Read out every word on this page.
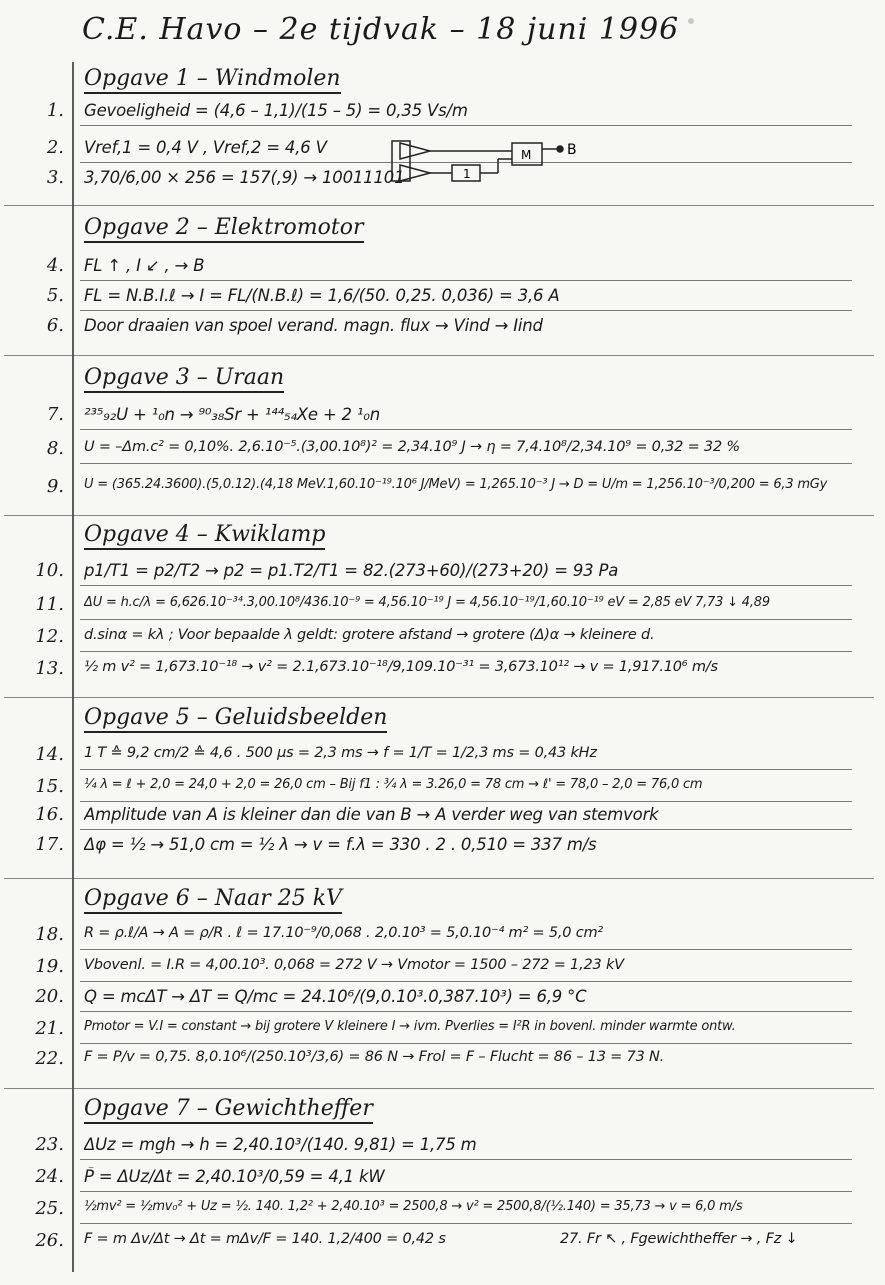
C.E. Havo – 2e tijdvak – 18 juni 1996
Opgave 1 – Windmolen
1. Gevoeligheid = (4,6 – 1,1)/(15 – 5) = 0,35 Vs/m
2. Vref,1 = 0,4 V , Vref,2 = 4,6 V
3. 3,70/6,00 × 256 = 157(,9) → 10011101	1
M	B
Opgave 2 – Elektromotor
4. FL ↑ , I ↙ , → B
5. FL = N.B.I.ℓ → I = FL/(N.B.ℓ) = 1,6/(50. 0,25. 0,036) = 3,6 A
6. Door draaien van spoel verand. magn. flux → Vind → Iind
Opgave 3 – Uraan
7. ²³⁵₉₂U + ¹₀n → ⁹⁰₃₈Sr + ¹⁴⁴₅₄Xe + 2 ¹₀n
8. U = –Δm.c² = 0,10%. 2,6.10⁻⁵.(3,00.10⁸)² = 2,34.10⁹ J → η = 7,4.10⁸/2,34.10⁹ = 0,32 = 32 %
9. U = (365.24.3600).(5,0.12).(4,18 MeV.1,60.10⁻¹⁹.10⁶ J/MeV) = 1,265.10⁻³ J → D = U/m = 1,256.10⁻³/0,200 = 6,3 mGy
Opgave 4 – Kwiklamp
10. p1/T1 = p2/T2 → p2 = p1.T2/T1 = 82.(273+60)/(273+20) = 93 Pa
11. ΔU = h.c/λ = 6,626.10⁻³⁴.3,00.10⁸/436.10⁻⁹ = 4,56.10⁻¹⁹ J = 4,56.10⁻¹⁹/1,60.10⁻¹⁹ eV = 2,85 eV 7,73 ↓ 4,89
12. d.sinα = kλ ; Voor bepaalde λ geldt: grotere afstand → grotere (Δ)α → kleinere d.
13. ½ m v² = 1,673.10⁻¹⁸ → v² = 2.1,673.10⁻¹⁸/9,109.10⁻³¹ = 3,673.10¹² → v = 1,917.10⁶ m/s
Opgave 5 – Geluidsbeelden
14. 1 T ≙ 9,2 cm/2 ≙ 4,6 . 500 μs = 2,3 ms → f = 1/T = 1/2,3 ms = 0,43 kHz
15. ¼ λ = ℓ + 2,0 = 24,0 + 2,0 = 26,0 cm – Bij f1 : ¾ λ = 3.26,0 = 78 cm → ℓ' = 78,0 – 2,0 = 76,0 cm
16. Amplitude van A is kleiner dan die van B → A verder weg van stemvork
17. Δφ = ½ → 51,0 cm = ½ λ → v = f.λ = 330 . 2 . 0,510 = 337 m/s
Opgave 6 – Naar 25 kV
18. R = ρ.ℓ/A → A = ρ/R . ℓ = 17.10⁻⁹/0,068 . 2,0.10³ = 5,0.10⁻⁴ m² = 5,0 cm²
19. Vbovenl. = I.R = 4,00.10³. 0,068 = 272 V → Vmotor = 1500 – 272 = 1,23 kV
20. Q = mcΔT → ΔT = Q/mc = 24.10⁶/(9,0.10³.0,387.10³) = 6,9 °C
21. Pmotor = V.I = constant → bij grotere V kleinere I → ivm. Pverlies = I²R in bovenl. minder warmte ontw.
22. F = P/v = 0,75. 8,0.10⁶/(250.10³/3,6) = 86 N → Frol = F – Flucht = 86 – 13 = 73 N.
Opgave 7 – Gewichtheffer
23. ΔUz = mgh → h = 2,40.10³/(140. 9,81) = 1,75 m
24. P̄ = ΔUz/Δt = 2,40.10³/0,59 = 4,1 kW
25. ½mv² = ½mv₀² + Uz = ½. 140. 1,2² + 2,40.10³ = 2500,8 → v² = 2500,8/(½.140) = 35,73 → v = 6,0 m/s
26. F = m Δv/Δt → Δt = mΔv/F = 140. 1,2/400 = 0,42 s	27. Fr ↖ , Fgewichtheffer → , Fz ↓
